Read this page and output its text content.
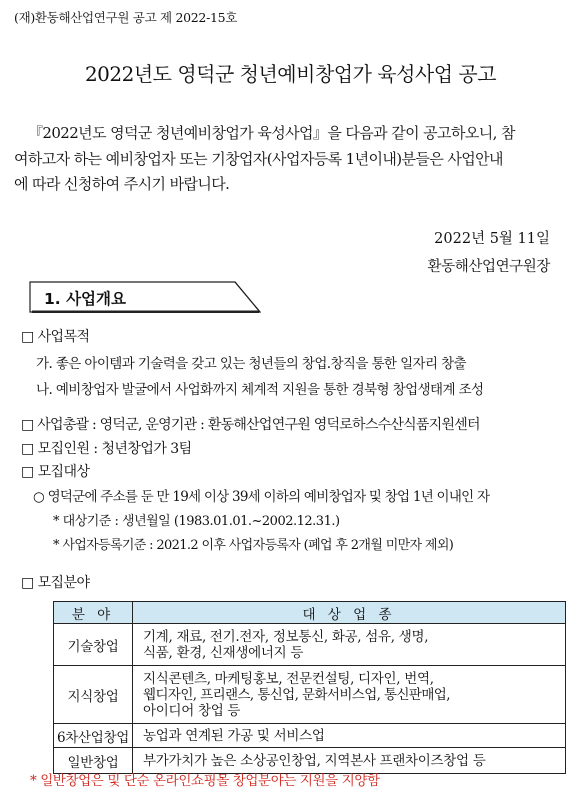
(재)환동해산업연구원 공고 제 2022-15호
2022년도 영덕군 청년예비창업가 육성사업 공고
『2022년도 영덕군 청년예비창업가 육성사업』을 다음과 같이 공고하오니, 참
여하고자 하는 예비창업자 또는 기창업자(사업자등록 1년이내)분들은 사업안내
에 따라 신청하여 주시기 바랍니다.
2022년 5월 11일
환동해산업연구원장
1. 사업개요
□ 사업목적
가. 좋은 아이템과 기술력을 갖고 있는 청년들의 창업.창직을 통한 일자리 창출
나. 예비창업자 발굴에서 사업화까지 체계적 지원을 통한 경북형 창업생태계 조성
□ 사업총괄 : 영덕군, 운영기관 : 환동해산업연구원 영덕로하스수산식품지원센터
□ 모집인원 : 청년창업가 3팀
□ 모집대상
○ 영덕군에 주소를 둔 만 19세 이상 39세 이하의 예비창업자 및 창업 1년 이내인 자
* 대상기준 : 생년월일 (1983.01.01.~2002.12.31.)
* 사업자등록기준 : 2021.2 이후 사업자등록자 (폐업 후 2개월 미만자 제외)
□ 모집분야
분 야	대 상 업 종
기술창업	기계, 재료, 전기.전자, 정보통신, 화공, 섬유, 생명,
식품, 환경, 신재생에너지 등

지식창업	지식콘텐츠, 마케팅홍보, 전문컨설팅, 디자인, 번역,
웹디자인, 프리랜스, 통신업, 문화서비스업, 통신판매업,
아이디어 창업 등

6차산업창업	농업과 연계된 가공 및 서비스업

일반창업	부가가치가 높은 소상공인창업, 지역본사 프랜차이즈창업 등
* 일반창업은 및 단순 온라인쇼핑몰 창업분야는 지원을 지양함
